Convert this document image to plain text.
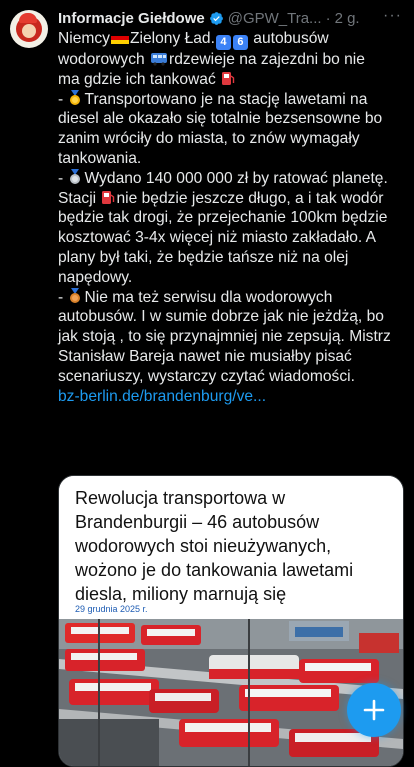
Informacje Giełdowe @GPW_Tra... · 2 g. ···

Niemcy Zielony Ład. 4 6 autobusów

wodorowych rdzewieje na zajezdni bo nie

ma gdzie ich tankować

- Transportowano je na stację lawetami na diesel ale okazało się totalnie bezsensowne bo zanim wróciły do miasta, to znów wymagały tankowania.

- Wydano 140 000 000 zł by ratować planetę. Stacji nie będzie jeszcze długo, a i tak wodór będzie tak drogi, że przejechanie 100km będzie kosztować 3-4x więcej niż miasto zakładało. A plany był taki, że będzie tańsze niż na olej napędowy.

- Nie ma też serwisu dla wodorowych autobusów. I w sumie dobrze jak nie jeżdżą, bo jak stoją , to się przynajmniej nie zepsują. Mistrz Stanisław Bareja nawet nie musiałby pisać scenariuszy, wystarczy czytać wiadomości.

bz-berlin.de/brandenburg/ve...

Rewolucja transportowa w Brandenburgii – 46 autobusów wodorowych stoi nieużywanych, wożono je do tankowania lawetami diesla, miliony marnują się
29 grudnia 2025 r.
